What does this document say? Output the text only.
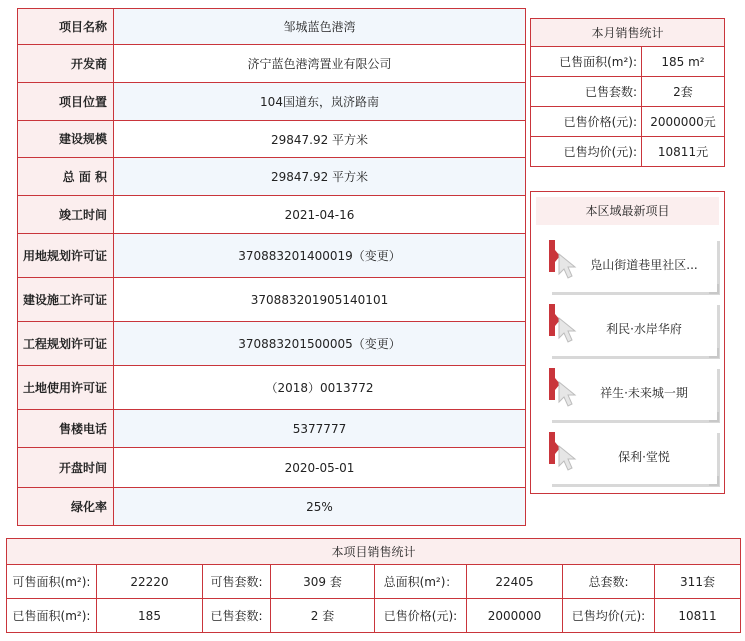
项目名称	邹城蓝色港湾
开发商	济宁蓝色港湾置业有限公司
项目位置	104国道东，岚济路南
建设规模	29847.92 平方米
总 面 积	29847.92 平方米
竣工时间	2021-04-16
用地规划许可证	370883201400019（变更）
建设施工许可证	370883201905140101
工程规划许可证	370883201500005（变更）
土地使用许可证	（2018）0013772
售楼电话	5377777
开盘时间	2020-05-01
绿化率	25%
本月销售统计	
已售面积(m²):	185 m²
已售套数:	2套
已售价格(元):	2000000元
已售均价(元):	10811元
本区域最新项目
凫山街道巷里社区...
利民·水岸华府
祥生·未来城一期
保利·堂悦
本项目销售统计							
可售面积(m²):	22220	可售套数:	309 套	总面积(m²)：	22405	总套数:	311套
已售面积(m²):	185	已售套数:	2 套	已售价格(元):	2000000	已售均价(元):	10811
